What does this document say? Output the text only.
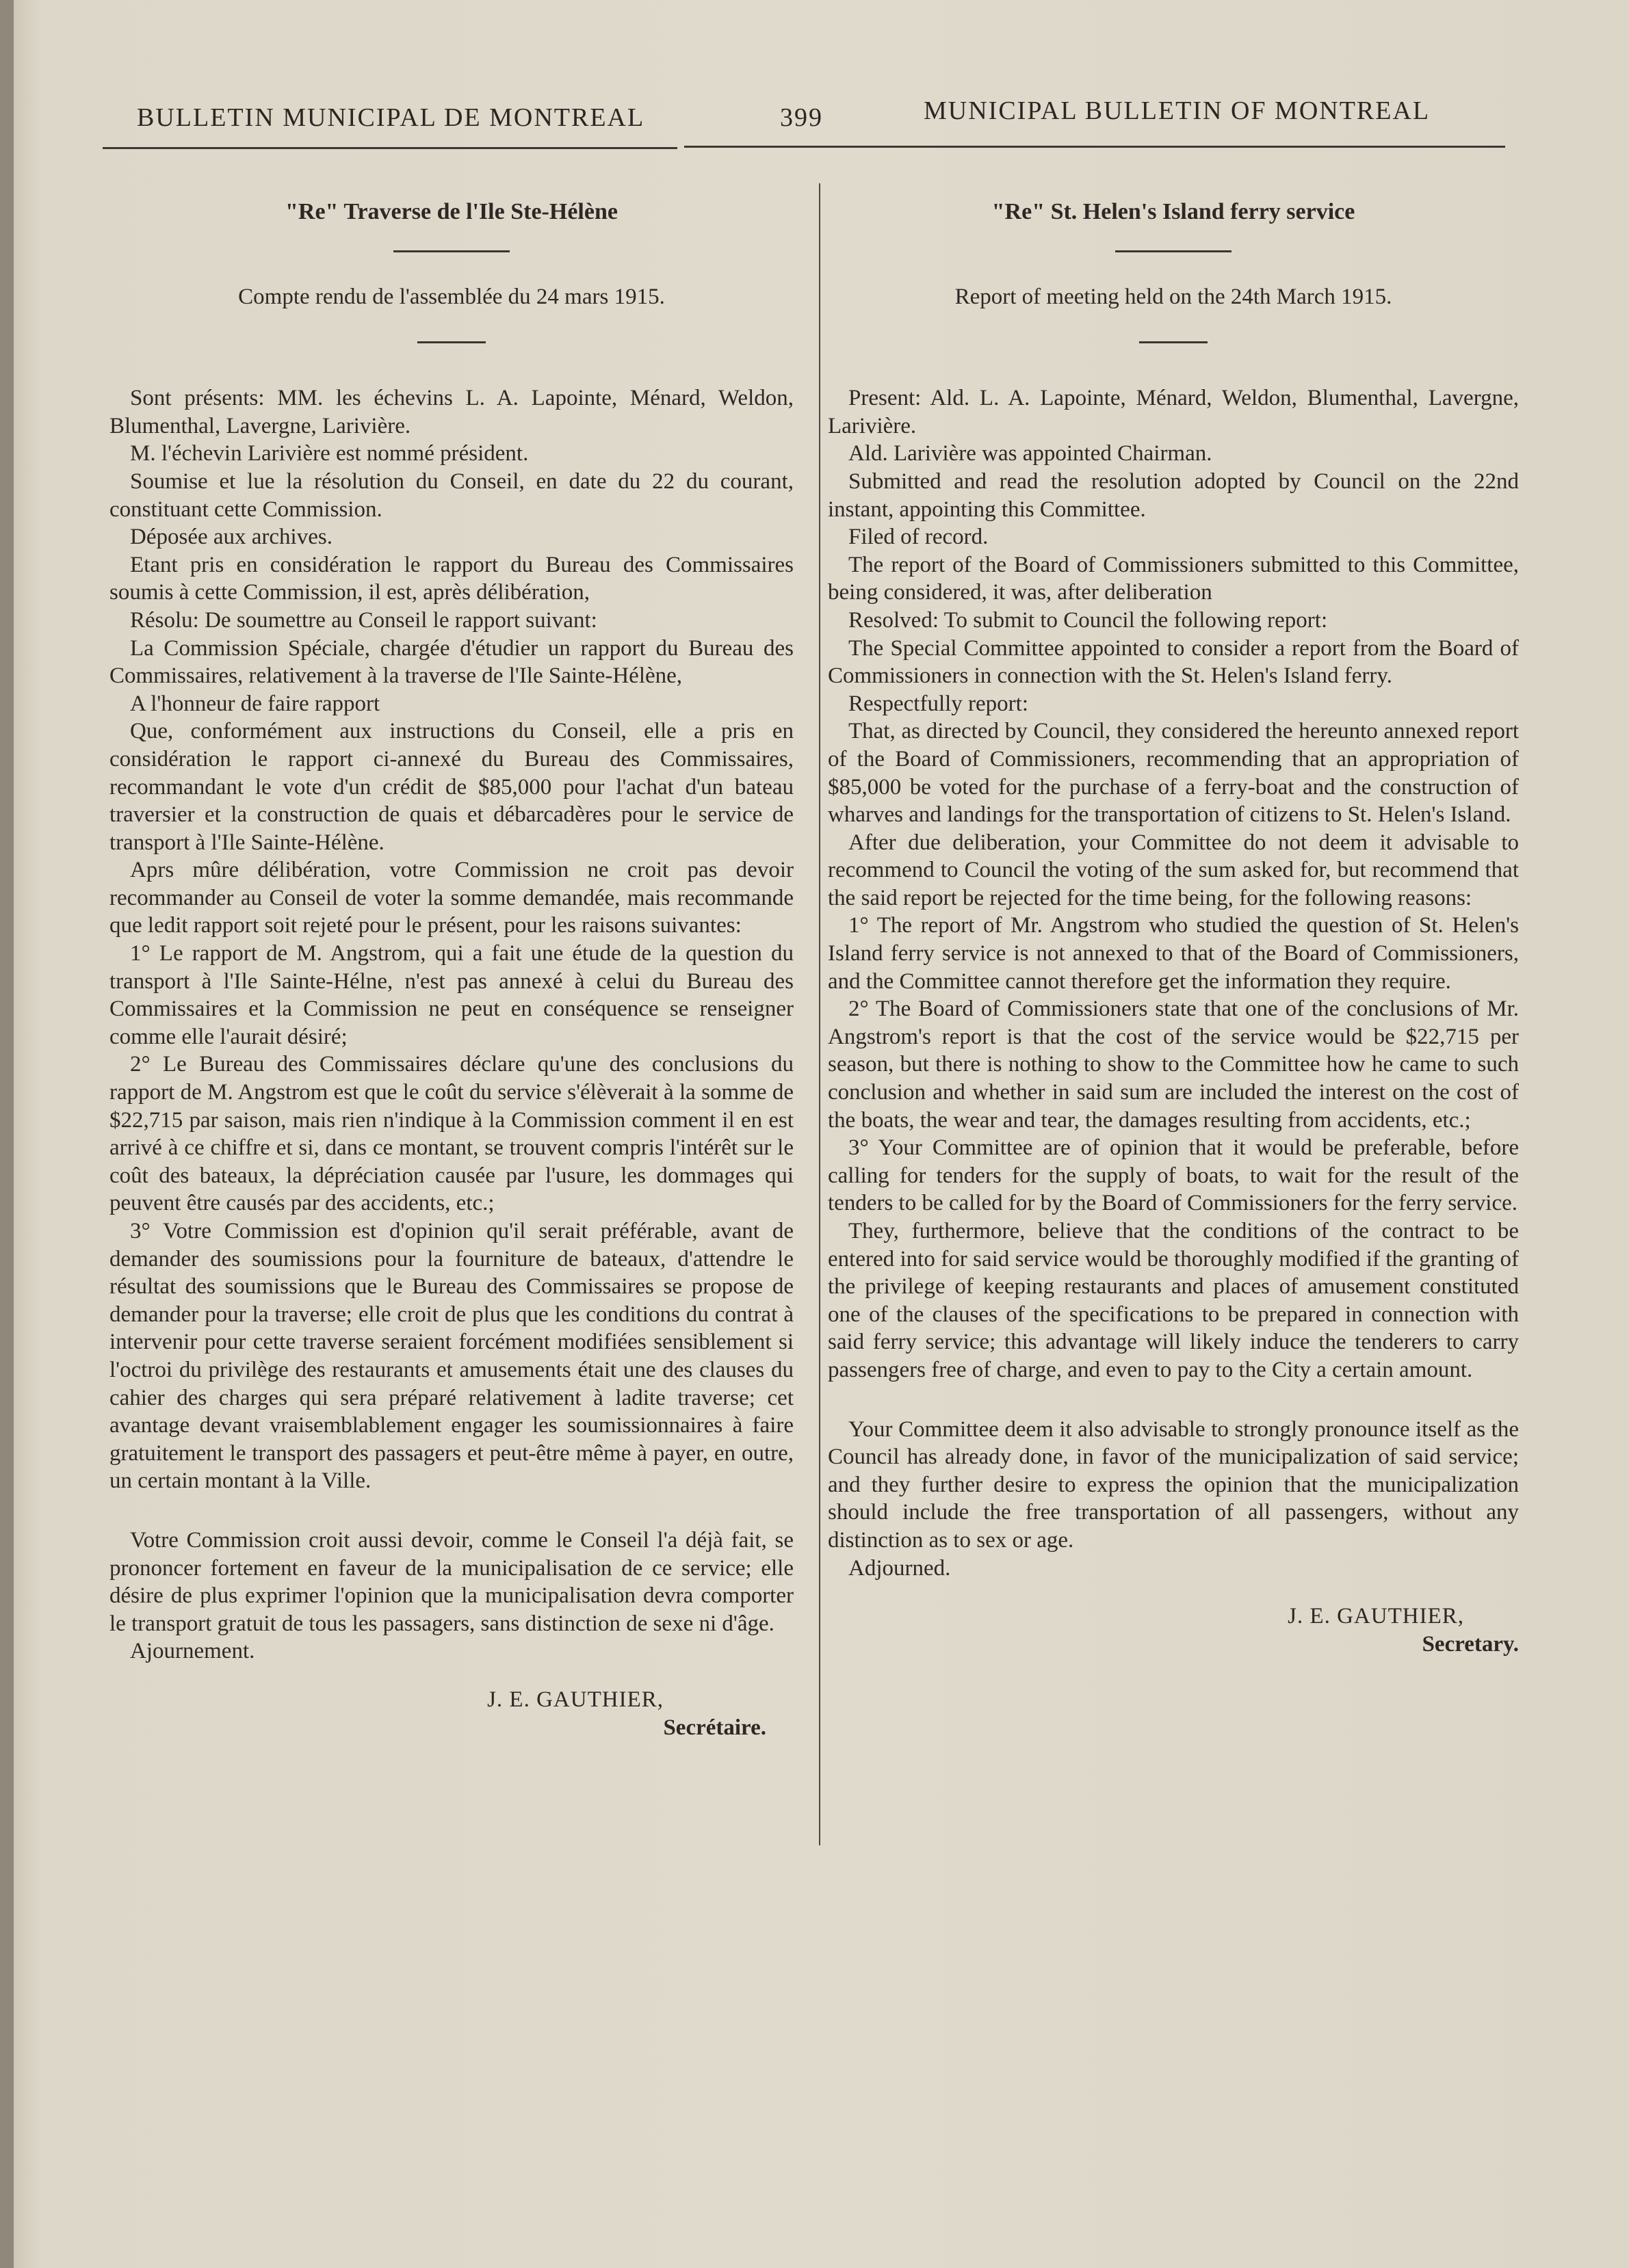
BULLETIN MUNICIPAL DE MONTREAL	399	MUNICIPAL BULLETIN OF MONTREAL
"Re" Traverse de l'Ile Ste-Hélène
Compte rendu de l'assemblée du 24 mars 1915.

Sont présents: MM. les échevins L. A. Lapointe, Ménard, Weldon, Blumenthal, Lavergne, Larivière.

M. l'échevin Larivière est nommé président.

Soumise et lue la résolution du Conseil, en date du 22 du courant, constituant cette Commission.

Déposée aux archives.

Etant pris en considération le rapport du Bureau des Commissaires soumis à cette Commission, il est, après délibération,

Résolu: De soumettre au Conseil le rapport suivant:

La Commission Spéciale, chargée d'étudier un rapport du Bureau des Commissaires, relativement à la traverse de l'Ile Sainte-Hélène,

A l'honneur de faire rapport

Que, conformément aux instructions du Conseil, elle a pris en considération le rapport ci-annexé du Bureau des Commissaires, recommandant le vote d'un crédit de $85,000 pour l'achat d'un bateau traversier et la construction de quais et débarcadères pour le service de transport à l'Ile Sainte-Hélène.

Aprs mûre délibération, votre Commission ne croit pas devoir recommander au Conseil de voter la somme demandée, mais recommande que ledit rapport soit rejeté pour le présent, pour les raisons suivantes:

1° Le rapport de M. Angstrom, qui a fait une étude de la question du transport à l'Ile Sainte-Hélne, n'est pas annexé à celui du Bureau des Commissaires et la Commission ne peut en conséquence se renseigner comme elle l'aurait désiré;

2° Le Bureau des Commissaires déclare qu'une des conclusions du rapport de M. Angstrom est que le coût du service s'élèverait à la somme de $22,715 par saison, mais rien n'indique à la Commission comment il en est arrivé à ce chiffre et si, dans ce montant, se trouvent compris l'intérêt sur le coût des bateaux, la dépréciation causée par l'usure, les dommages qui peuvent être causés par des accidents, etc.;

3° Votre Commission est d'opinion qu'il serait préférable, avant de demander des soumissions pour la fourniture de bateaux, d'attendre le résultat des soumissions que le Bureau des Commissaires se propose de demander pour la traverse; elle croit de plus que les conditions du contrat à intervenir pour cette traverse seraient forcément modifiées sensiblement si l'octroi du privilège des restaurants et amusements était une des clauses du cahier des charges qui sera préparé relativement à ladite traverse; cet avantage devant vraisemblablement engager les soumissionnaires à faire gratuitement le transport des passagers et peut-être même à payer, en outre, un certain montant à la Ville.

Votre Commission croit aussi devoir, comme le Conseil l'a déjà fait, se prononcer fortement en faveur de la municipalisation de ce service; elle désire de plus exprimer l'opinion que la municipalisation devra comporter le transport gratuit de tous les passagers, sans distinction de sexe ni d'âge.

Ajournement.

J. E. GAUTHIER,
Secrétaire.
"Re" St. Helen's Island ferry service
Report of meeting held on the 24th March 1915.

Present: Ald. L. A. Lapointe, Ménard, Weldon, Blumenthal, Lavergne, Larivière.

Ald. Larivière was appointed Chairman.

Submitted and read the resolution adopted by Council on the 22nd instant, appointing this Committee.

Filed of record.

The report of the Board of Commissioners submitted to this Committee, being considered, it was, after deliberation

Resolved: To submit to Council the following report:

The Special Committee appointed to consider a report from the Board of Commissioners in connection with the St. Helen's Island ferry.

Respectfully report:

That, as directed by Council, they considered the hereunto annexed report of the Board of Commissioners, recommending that an appropriation of $85,000 be voted for the purchase of a ferry-boat and the construction of wharves and landings for the transportation of citizens to St. Helen's Island.

After due deliberation, your Committee do not deem it advisable to recommend to Council the voting of the sum asked for, but recommend that the said report be rejected for the time being, for the following reasons:

1° The report of Mr. Angstrom who studied the question of St. Helen's Island ferry service is not annexed to that of the Board of Commissioners, and the Committee cannot therefore get the information they require.

2° The Board of Commissioners state that one of the conclusions of Mr. Angstrom's report is that the cost of the service would be $22,715 per season, but there is nothing to show to the Committee how he came to such conclusion and whether in said sum are included the interest on the cost of the boats, the wear and tear, the damages resulting from accidents, etc.;

3° Your Committee are of opinion that it would be preferable, before calling for tenders for the supply of boats, to wait for the result of the tenders to be called for by the Board of Commissioners for the ferry service.

They, furthermore, believe that the conditions of the contract to be entered into for said service would be thoroughly modified if the granting of the privilege of keeping restaurants and places of amusement constituted one of the clauses of the specifications to be prepared in connection with said ferry service; this advantage will likely induce the tenderers to carry passengers free of charge, and even to pay to the City a certain amount.

Your Committee deem it also advisable to strongly pronounce itself as the Council has already done, in favor of the municipalization of said service; and they further desire to express the opinion that the municipalization should include the free transportation of all passengers, without any distinction as to sex or age.

Adjourned.

J. E. GAUTHIER,
Secretary.
